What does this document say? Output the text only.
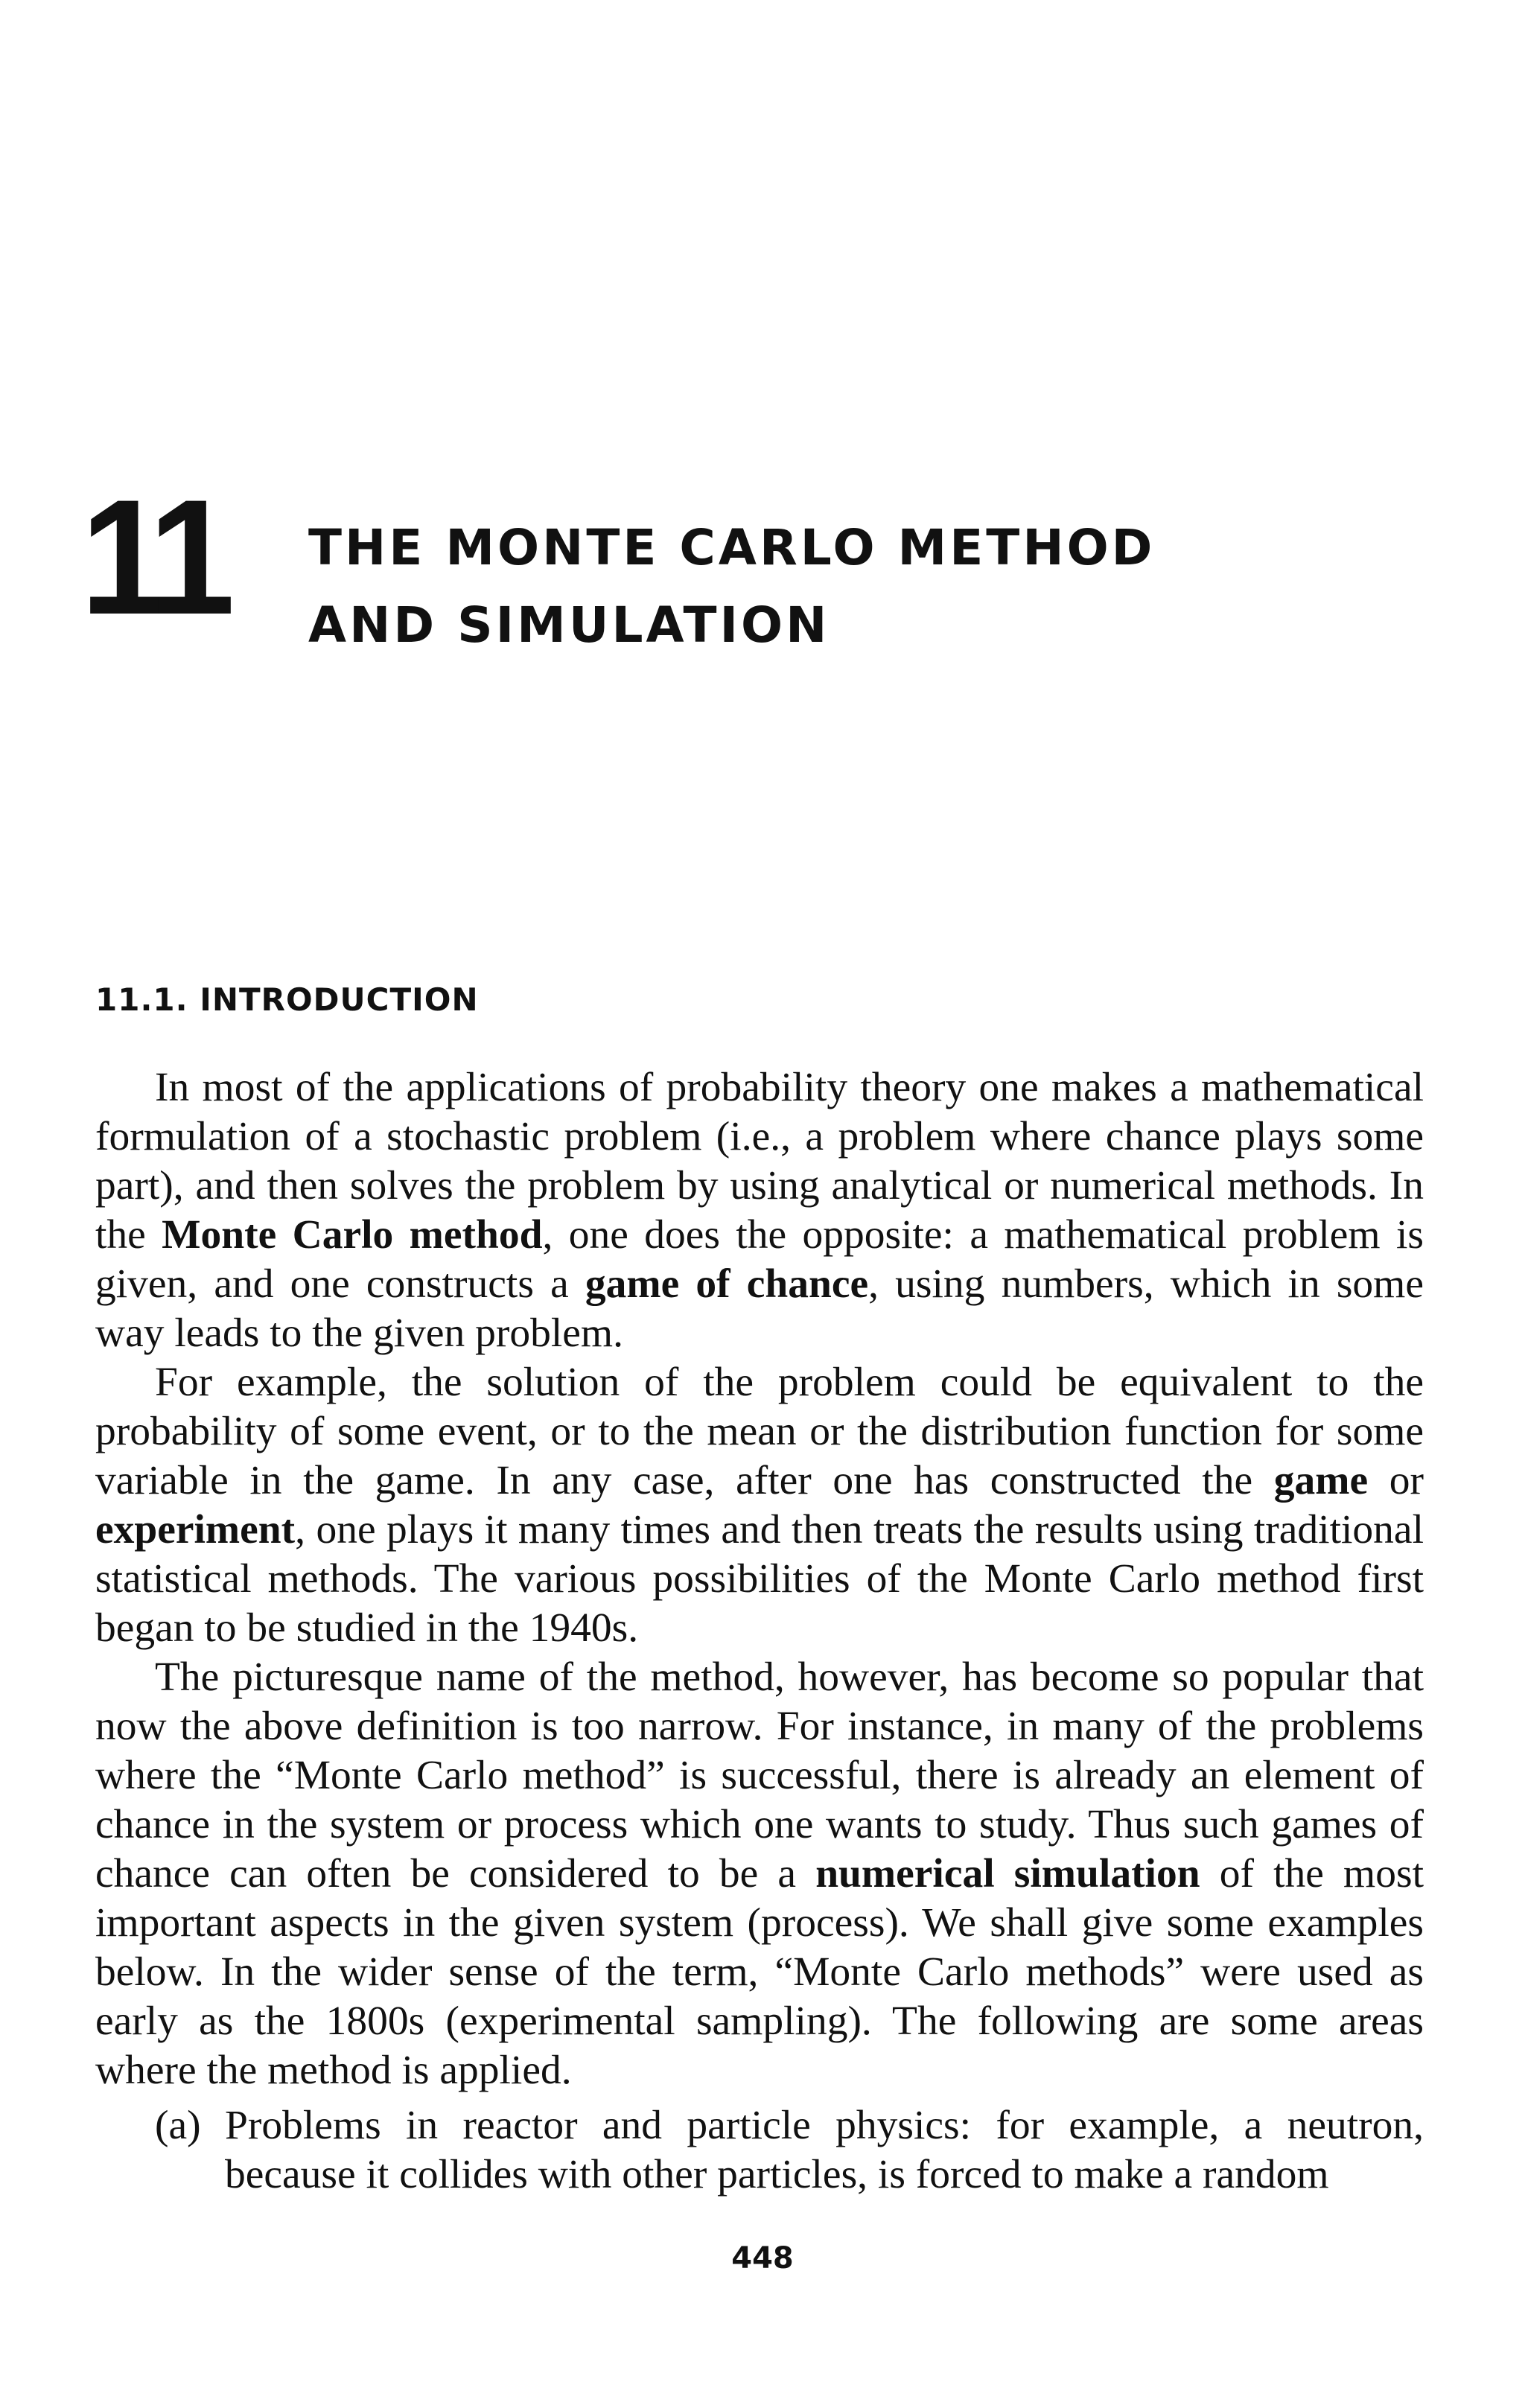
11 THE MONTE CARLO METHOD
AND SIMULATION
11.1. INTRODUCTION

In most of the applications of probability theory one makes a mathematical formulation of a stochastic problem (i.e., a problem where chance plays some part), and then solves the problem by using analytical or numerical methods. In the Monte Carlo method, one does the opposite: a mathematical problem is given, and one constructs a game of chance, using numbers, which in some way leads to the given problem.

For example, the solution of the problem could be equivalent to the probability of some event, or to the mean or the distribution function for some variable in the game. In any case, after one has constructed the game or experiment, one plays it many times and then treats the results using traditional statistical methods. The various possibilities of the Monte Carlo method first began to be studied in the 1940s.

The picturesque name of the method, however, has become so popular that now the above definition is too narrow. For instance, in many of the problems where the “Monte Carlo method” is successful, there is already an element of chance in the system or process which one wants to study. Thus such games of chance can often be considered to be a numerical simulation of the most important aspects in the given system (process). We shall give some examples below. In the wider sense of the term, “Monte Carlo methods” were used as early as the 1800s (experimental sampling). The following are some areas where the method is applied.

(a) Problems in reactor and particle physics: for example, a neutron, because it collides with other particles, is forced to make a random
448
